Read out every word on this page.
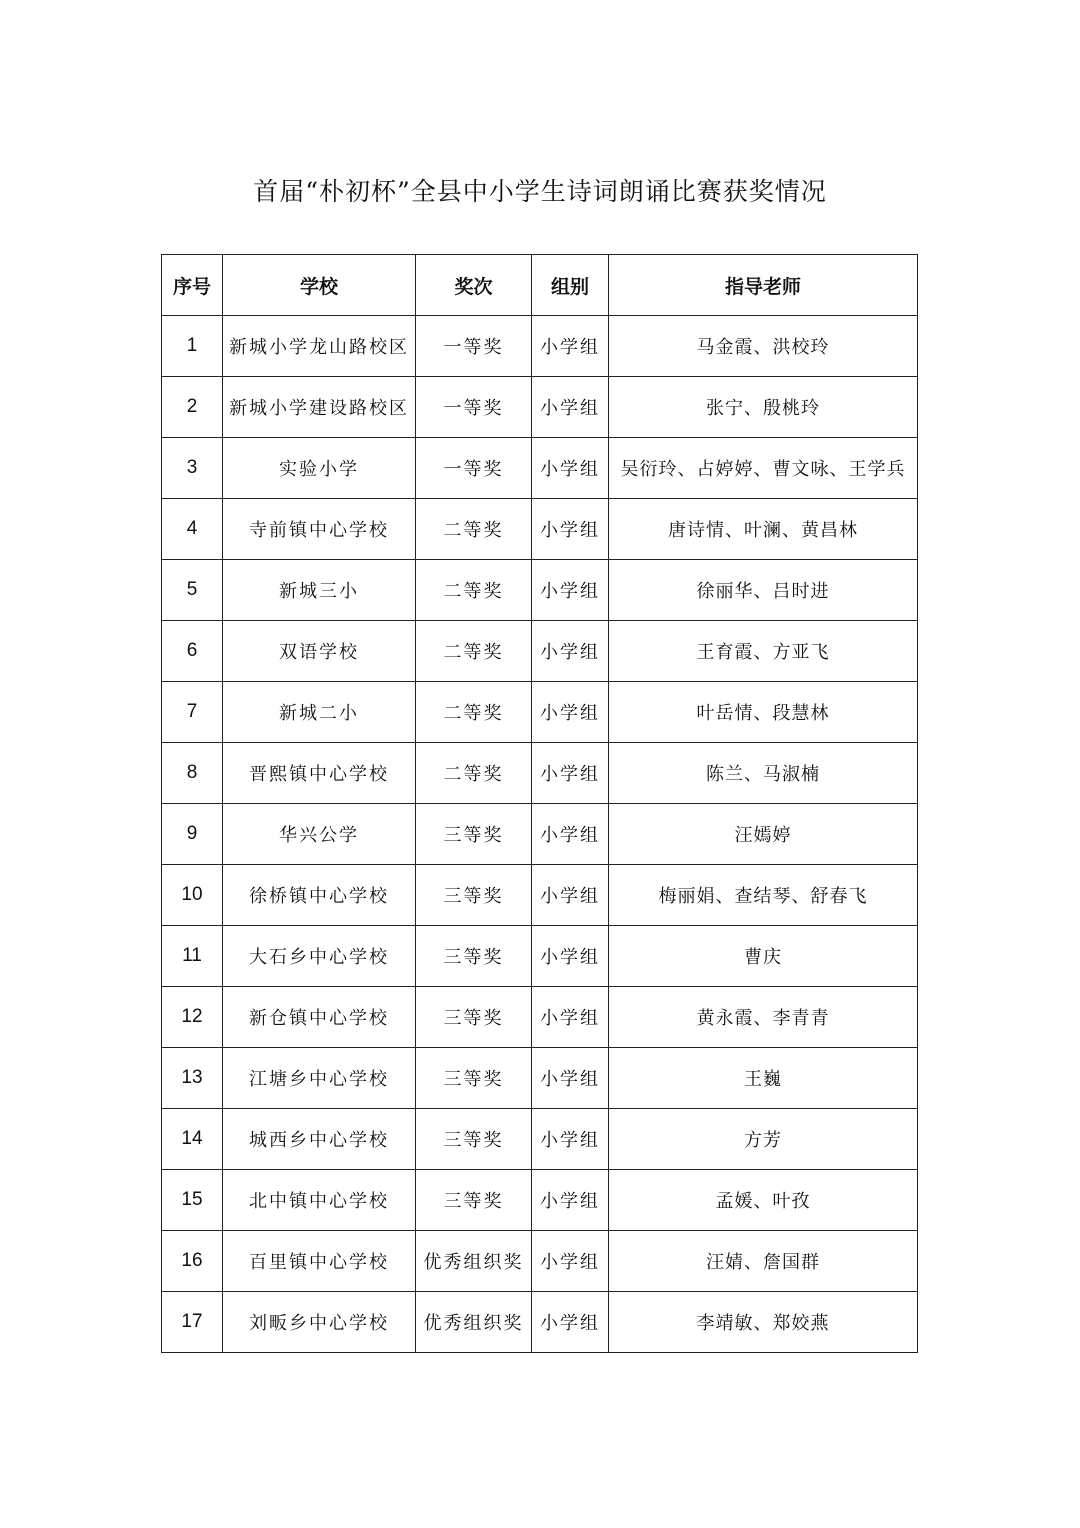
首届“朴初杯”全县中小学生诗词朗诵比赛获奖情况
序号	学校	奖次	组别	指导老师
1	新城小学龙山路校区	一等奖	小学组	马金霞、洪校玲
2	新城小学建设路校区	一等奖	小学组	张宁、殷桃玲
3	实验小学	一等奖	小学组	吴衍玲、占婷婷、曹文咏、王学兵
4	寺前镇中心学校	二等奖	小学组	唐诗情、叶澜、黄昌林
5	新城三小	二等奖	小学组	徐丽华、吕时进
6	双语学校	二等奖	小学组	王育霞、方亚飞
7	新城二小	二等奖	小学组	叶岳情、段慧林
8	晋熙镇中心学校	二等奖	小学组	陈兰、马淑楠
9	华兴公学	三等奖	小学组	汪嫣婷
10	徐桥镇中心学校	三等奖	小学组	梅丽娟、查结琴、舒春飞
11	大石乡中心学校	三等奖	小学组	曹庆
12	新仓镇中心学校	三等奖	小学组	黄永霞、李青青
13	江塘乡中心学校	三等奖	小学组	王巍
14	城西乡中心学校	三等奖	小学组	方芳
15	北中镇中心学校	三等奖	小学组	孟媛、叶孜
16	百里镇中心学校	优秀组织奖	小学组	汪婧、詹国群
17	刘畈乡中心学校	优秀组织奖	小学组	李靖敏、郑姣燕
